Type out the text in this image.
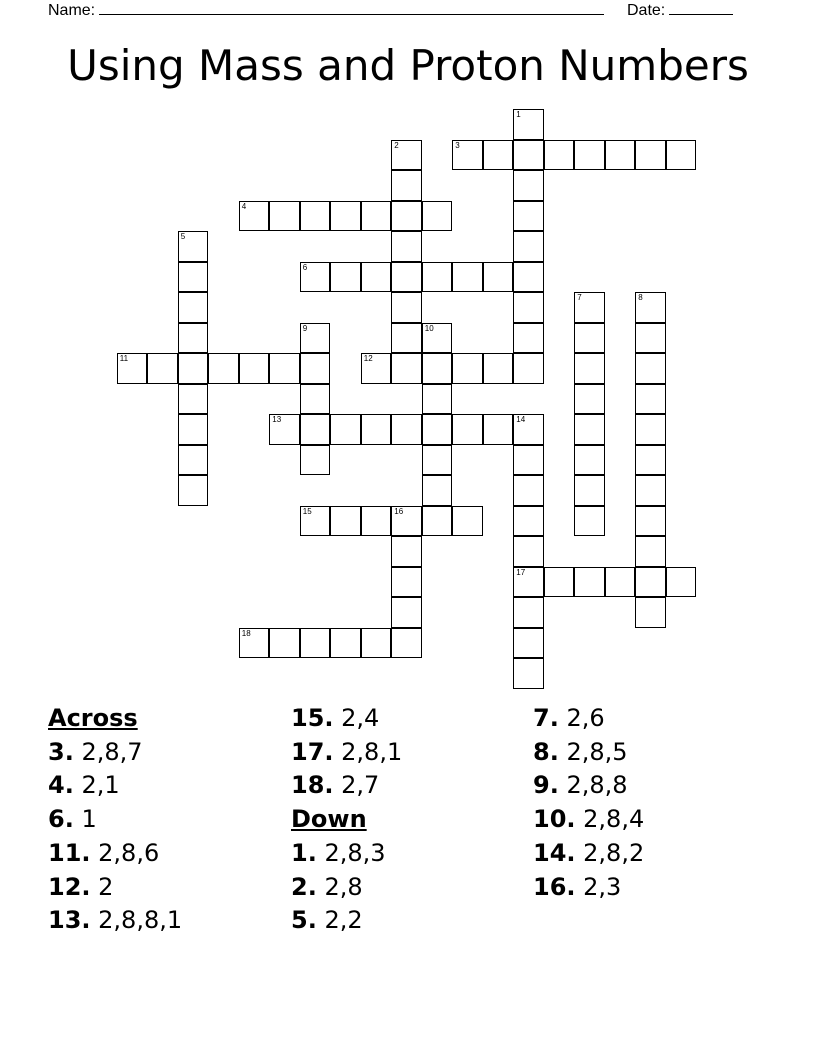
Name:	Date:
Using Mass and Proton Numbers
1
2	3
4
5
6
7	8
9	10
11	12
13	14
17
15	16
18
Across
3. 2,8,7
4. 2,1
6. 1
11. 2,8,6
12. 2
13. 2,8,8,1
15. 2,4
17. 2,8,1
18. 2,7
Down
1. 2,8,3
2. 2,8
5. 2,2
7. 2,6
8. 2,8,5
9. 2,8,8
10. 2,8,4
14. 2,8,2
16. 2,3
